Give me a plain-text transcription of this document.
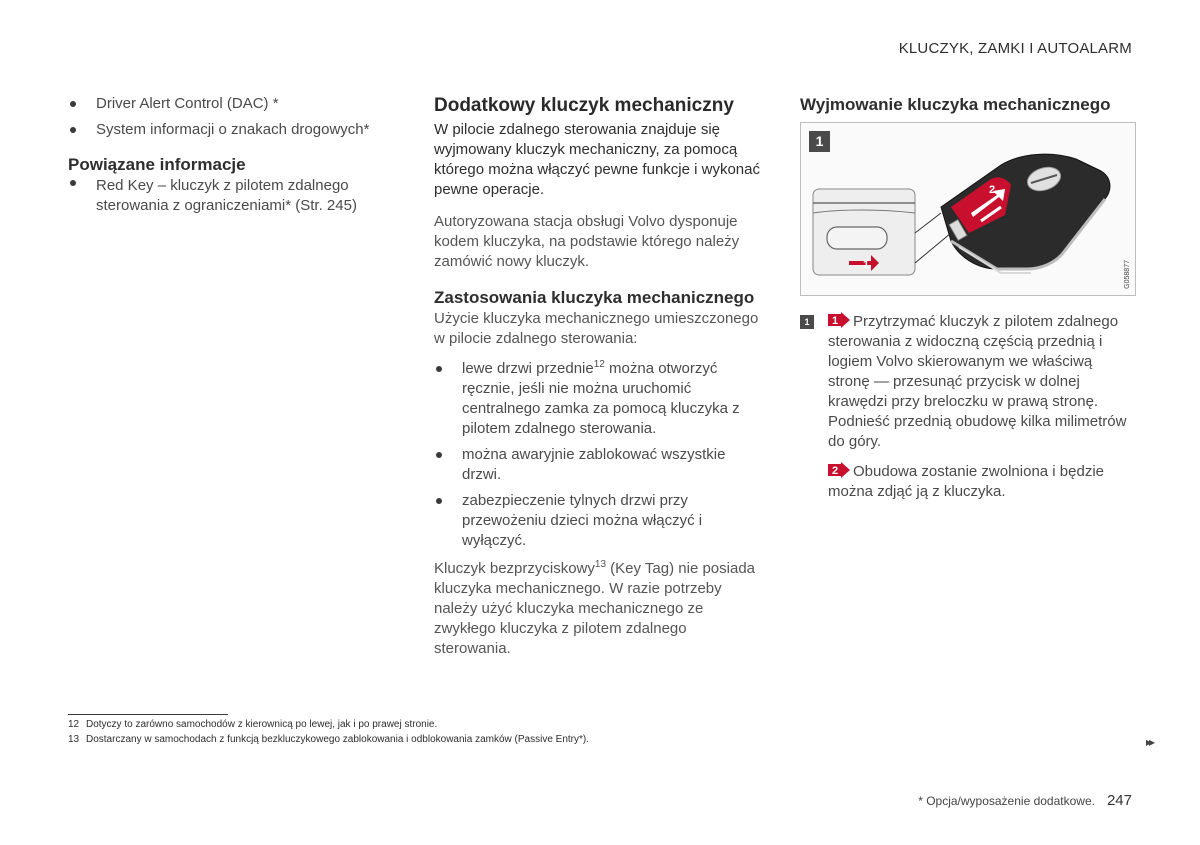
KLUCZYK, ZAMKI I AUTOALARM
Driver Alert Control (DAC) *
System informacji o znakach drogowych*
Powiązane informacje
Red Key – kluczyk z pilotem zdalnego sterowania z ograniczeniami* (Str. 245)
Dodatkowy kluczyk mechaniczny

W pilocie zdalnego sterowania znajduje się wyjmowany kluczyk mechaniczny, za pomocą którego można włączyć pewne funkcje i wykonać pewne operacje.

Autoryzowana stacja obsługi Volvo dysponuje kodem kluczyka, na podstawie którego należy zamówić nowy kluczyk.

Zastosowania kluczyka mechanicznego

Użycie kluczyka mechanicznego umieszczonego w pilocie zdalnego sterowania:

lewe drzwi przednie$^{12}$ można otworzyć ręcznie, jeśli nie można uruchomić centralnego zamka za pomocą kluczyka z pilotem zdalnego sterowania.
można awaryjnie zablokować wszystkie drzwi.
zabezpieczenie tylnych drzwi przy przewożeniu dzieci można włączyć i wyłączyć.

Kluczyk bezprzyciskowy$^{13}$ (Key Tag) nie posiada kluczyka mechanicznego. W razie potrzeby należy użyć kluczyka mechanicznego ze zwykłego kluczyka z pilotem zdalnego sterowania.

Wyjmowanie kluczyka mechanicznego
1
2
1	G058877
1	1 Przytrzymać kluczyk z pilotem zdalnego sterowania z widoczną częścią przednią i logiem Volvo skierowanym we właściwą stronę — przesunąć przycisk w dolnej krawędzi przy breloczku w prawą stronę. Podnieść przednią obudowę kilka milimetrów do góry.
2 Obudowa zostanie zwolniona i będzie można zdjąć ją z kluczyka.
12 Dotyczy to zarówno samochodów z kierownicą po lewej, jak i po prawej stronie.
13 Dostarczany w samochodach z funkcją bezkluczykowego zablokowania i odblokowania zamków (Passive Entry*).	▸▸
* Opcja/wyposażenie dodatkowe. 247
